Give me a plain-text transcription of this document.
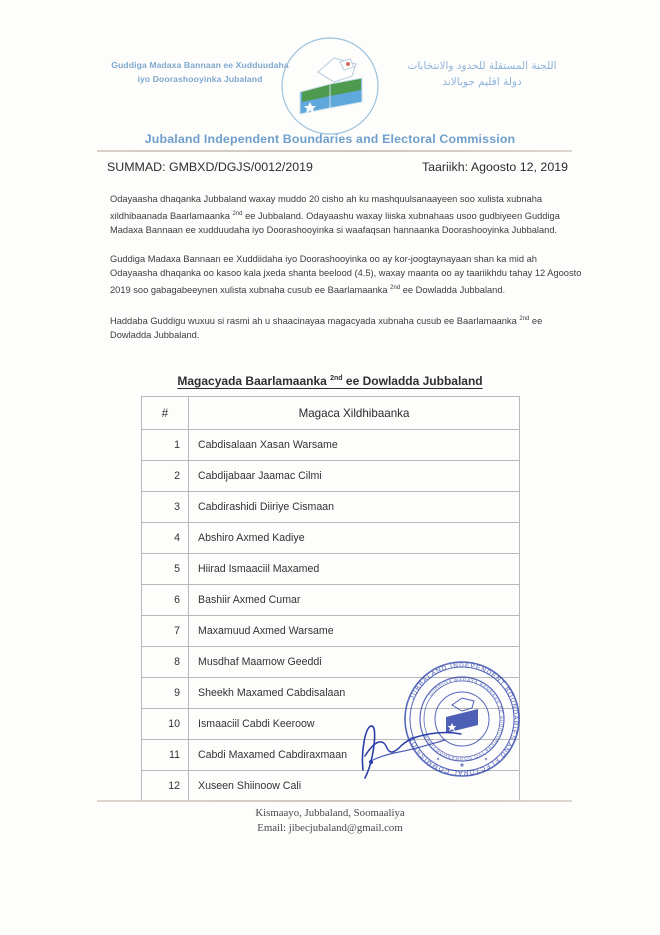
Guddiga Madaxa Bannaan ee Xudduudaha
iyo Doorashooyinka Jubaland
اللجنة المستقلة للحدود والانتخابات
دولة اقليم جوبالاند
Jubaland Independent Boundaries and Electoral Commission
SUMMAD: GMBXD/DGJS/0012/2019	Taariikh: Agoosto 12, 2019

Odayaasha dhaqanka Jubbaland waxay muddo 20 cisho ah ku mashquulsanaayeen soo xulista xubnaha xildhibaanada Baarlamaanka $^{2nd}$ ee Jubbaland. Odayaashu waxay liiska xubnahaas usoo gudbiyeen Guddiga Madaxa Bannaan ee xudduudaha iyo Doorashooyinka si waafaqsan hannaanka Doorashooyinka Jubbaland.

Guddiga Madaxa Bannaan ee Xuddiidaha iyo Doorashooyinka oo ay kor-joogtaynayaan shan ka mid ah Odayaasha dhaqanka oo kasoo kala jxeda shanta beelood (4.5), waxay maanta oo ay taariikhdu tahay 12 Agoosto 2019 soo gabagabeeynen xulista xubnaha cusub ee Baarlamaanka $^{2nd}$ ee Dowladda Jubbaland.

Haddaba Guddigu wuxuu si rasmi ah u shaacinayaa magacyada xubnaha cusub ee Baarlamaanka $^{2nd}$ ee Dowladda Jubbaland.

Magacyada Baarlamaanka $^{2nd}$ ee Dowladda Jubbaland
#	Magaca Xildhibaanka
1	Cabdisalaan Xasan Warsame
2	Cabdijabaar Jaamac Cilmi
3	Cabdirashidi Diiriye Cismaan
4	Abshiro Axmed Kadiye
5	Hiirad Ismaaciil Maxamed
6	Bashiir Axmed Cumar
7	Maxamuud Axmed Warsame
8	Musdhaf Maamow Geeddi
9	Sheekh Maxamed Cabdisalaan
10	Ismaaciil Cabdi Keeroow
11	Cabdi Maxamed Cabdiraxmaan
12	Xuseen Shiinoow Cali
JUBBALAND INDEPENDENT BOUNDARIES AND ELECTORAL COMMISSION
GUDDIGA MADAXA BANNAAN EE XUDDUUDAHA IYO DOORASHOOYINKA
Kismaayo, Jubbaland, Soomaaliya
Email: jibecjubaland@gmail.com
